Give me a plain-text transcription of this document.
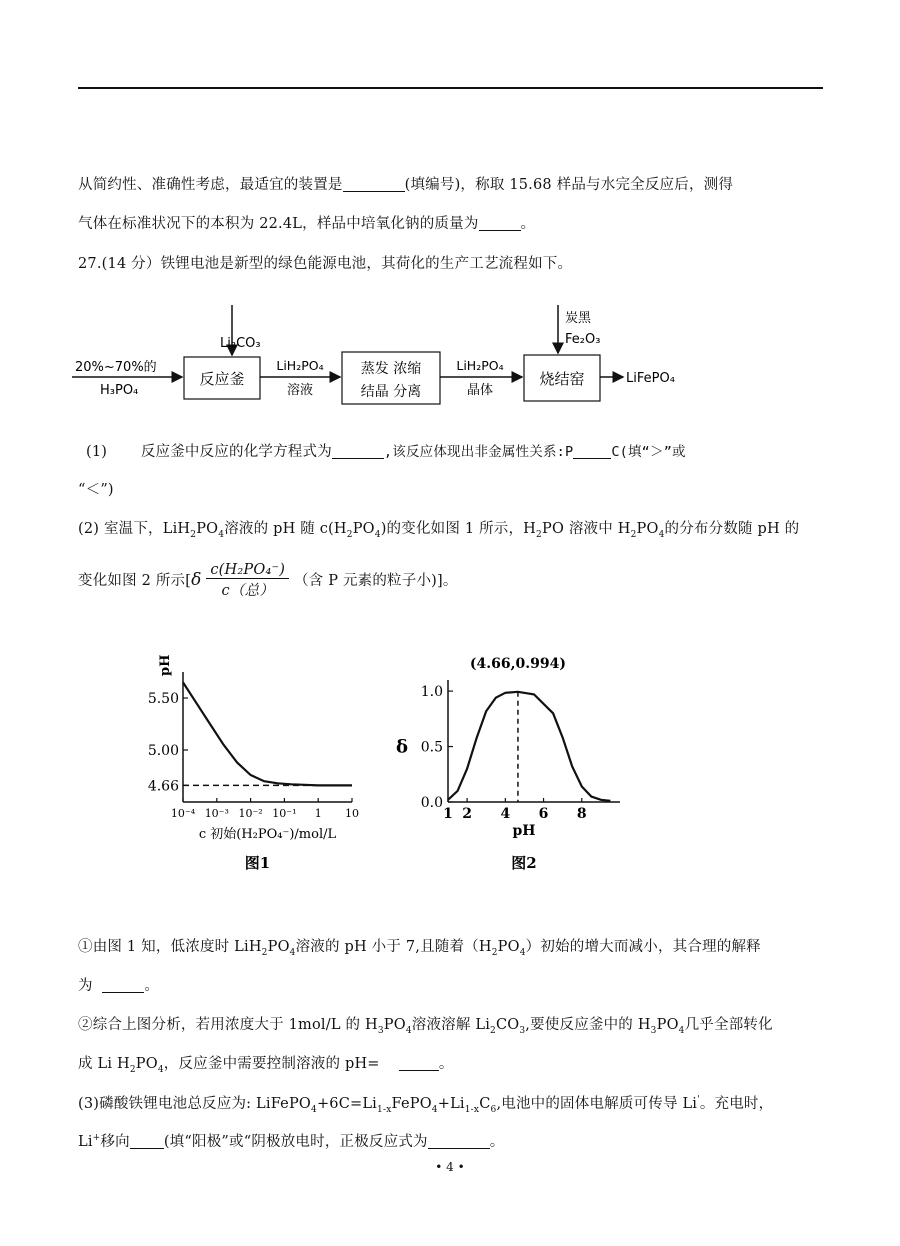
从简约性、准确性考虑，最适宜的装置是	(填编号)，称取 15.68 样品与水完全反应后，测得
气体在标准状况下的本积为 22.4L，样品中培氧化钠的质量为	。
27.(14 分）铁锂电池是新型的绿色能源电池，其荷化的生产工艺流程如下。
20%~70%的
H₃PO₄
Li₂CO₃
反应釜
LiH₂PO₄
溶液
蒸发 浓缩
结晶 分离
LiH₂PO₄
晶体
炭黑
Fe₂O₃
烧结窑	LiFePO₄
(1) 反应釜中反应的化学方程式为	,该反应体现出非金属性关系:P	C(填“＞”或
“＜”)
(2) 室温下，$LiH_2PO_4$溶液的 pH 随 $c(H_2PO_4)$的变化如图 1 所示，$H_2PO$ 溶液中 $H_2PO_4$的分布分数随 pH 的
变化如图 2 所示[$\delta \frac{\text{c(H₂PO₄⁻)}}{\text{c（总）}}$ （含 P 元素的粒子小)]。
pH
5.50
5.00
4.66
10⁻⁴ 10⁻³ 10⁻² 10⁻¹ 1 10
c 初始(H₂PO₄⁻)/mol/L
图1
δ
1.0
0.5
0.0
1 2 4 6 8
(4.66,0.994)
pH
图2
①由图 1 知，低浓度时 $LiH_2PO_4$溶液的 pH 小于 7,且随着$(H_2PO_4)$初始的增大而减小，其合理的解释
为	。
②综合上图分析，若用浓度大于 1mol/L 的 $H_3PO_4$溶液溶解 $Li_2CO_3$,要使反应釜中的 $H_3PO_4$几乎全部转化
成 Li $H_2PO_4$，反应釜中需要控制溶液的 pH=	。
(3)磷酸铁锂电池总反应为: $LiFePO_4+6C=Li_{1-x}FePO_4+Li_{1-x}C_6$,电池中的固体电解质可传导 Li'。充电时，
Li+移向 (填“阳极”或“阴极放电时，正极反应式为	。
• 4 •
